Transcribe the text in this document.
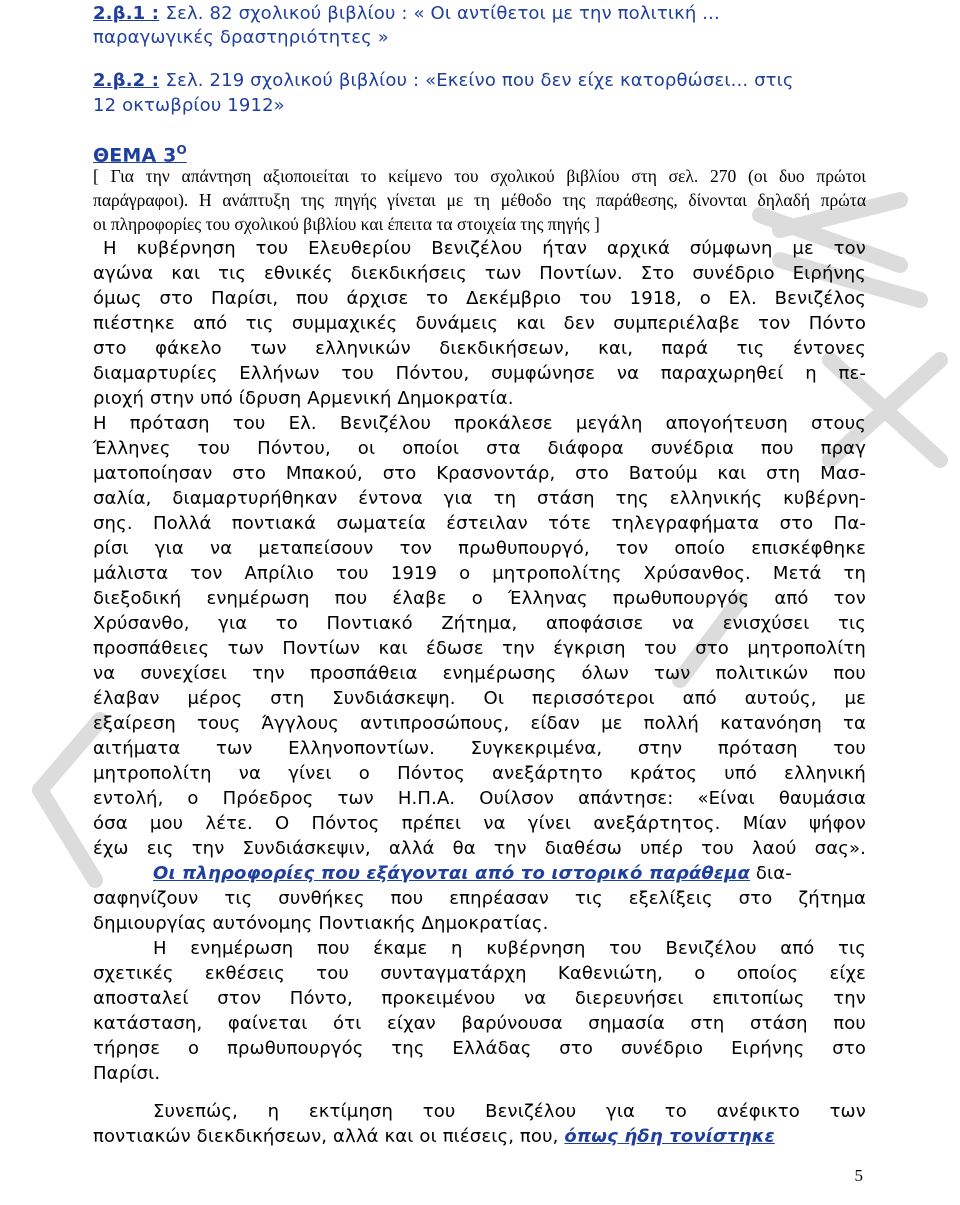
2.β.1 : Σελ. 82 σχολικού βιβλίου : « Οι αντίθετοι με την πολιτική ...
παραγωγικές δραστηριότητες »
2.β.2 : Σελ. 219 σχολικού βιβλίου : «Εκείνο που δεν είχε κατορθώσει... στις
12 οκτωβρίου 1912»
ΘΕΜΑ $3^O$
[ Για την απάντηση αξιοποιείται το κείμενο του σχολικού βιβλίου στη σελ. 270 (οι δυο πρώτοι
παράγραφοι). Η ανάπτυξη της πηγής γίνεται με τη μέθοδο της παράθεσης, δίνονται δηλαδή πρώτα
οι πληροφορίες του σχολικού βιβλίου και έπειτα τα στοιχεία της πηγής ]
Η κυβέρνηση του Ελευθερίου Βενιζέλου ήταν αρχικά σύμφωνη με τον
αγώνα και τις εθνικές διεκδικήσεις των Ποντίων. Στο συνέδριο Ειρήνης
όμως στο Παρίσι, που άρχισε το Δεκέμβριο του 1918, ο Ελ. Βενιζέλος
πιέστηκε από τις συμμαχικές δυνάμεις και δεν συμπεριέλαβε τον Πόντο
στο φάκελο των ελληνικών διεκδικήσεων, και, παρά τις έντονες
διαμαρτυρίες Ελλήνων του Πόντου, συμφώνησε να παραχωρηθεί η πε-
ριοχή στην υπό ίδρυση Αρμενική Δημοκρατία.
Η πρόταση του Ελ. Βενιζέλου προκάλεσε μεγάλη απογοήτευση στους
Έλληνες του Πόντου, οι οποίοι στα διάφορα συνέδρια που πραγ
ματοποίησαν στο Μπακού, στο Κρασνοντάρ, στο Βατούμ και στη Μασ-
σαλία, διαμαρτυρήθηκαν έντονα για τη στάση της ελληνικής κυβέρνη-
σης. Πολλά ποντιακά σωματεία έστειλαν τότε τηλεγραφήματα στο Πα-
ρίσι για να μεταπείσουν τον πρωθυπουργό, τον οποίο επισκέφθηκε
μάλιστα τον Απρίλιο του 1919 ο μητροπολίτης Χρύσανθος. Μετά τη
διεξοδική ενημέρωση που έλαβε ο Έλληνας πρωθυπουργός από τον
Χρύσανθο, για το Ποντιακό Ζήτημα, αποφάσισε να ενισχύσει τις
προσπάθειες των Ποντίων και έδωσε την έγκριση του στο μητροπολίτη
να συνεχίσει την προσπάθεια ενημέρωσης όλων των πολιτικών που
έλαβαν μέρος στη Συνδιάσκεψη. Οι περισσότεροι από αυτούς, με
εξαίρεση τους Άγγλους αντιπροσώπους, είδαν με πολλή κατανόηση τα
αιτήματα των Ελληνοποντίων. Συγκεκριμένα, στην πρόταση του
μητροπολίτη να γίνει ο Πόντος ανεξάρτητο κράτος υπό ελληνική
εντολή, ο Πρόεδρος των Η.Π.Α. Ουίλσον απάντησε: «Είναι θαυμάσια
όσα μου λέτε. Ο Πόντος πρέπει να γίνει ανεξάρτητος. Μίαν ψήφον
έχω εις την Συνδιάσκεψιν, αλλά θα την διαθέσω υπέρ του λαού σας».
Οι πληροφορίες που εξάγονται από το ιστορικό παράθεμα δια-
σαφηνίζουν τις συνθήκες που επηρέασαν τις εξελίξεις στο ζήτημα
δημιουργίας αυτόνομης Ποντιακής Δημοκρατίας.
Η ενημέρωση που έκαμε η κυβέρνηση του Βενιζέλου από τις
σχετικές εκθέσεις του συνταγματάρχη Καθενιώτη, ο οποίος είχε
αποσταλεί στον Πόντο, προκειμένου να διερευνήσει επιτοπίως την
κατάσταση, φαίνεται ότι είχαν βαρύνουσα σημασία στη στάση που
τήρησε ο πρωθυπουργός της Ελλάδας στο συνέδριο Ειρήνης στο
Παρίσι.
Συνεπώς, η εκτίμηση του Βενιζέλου για το ανέφικτο των
ποντιακών διεκδικήσεων, αλλά και οι πιέσεις, που, όπως ήδη τονίστηκε
5
